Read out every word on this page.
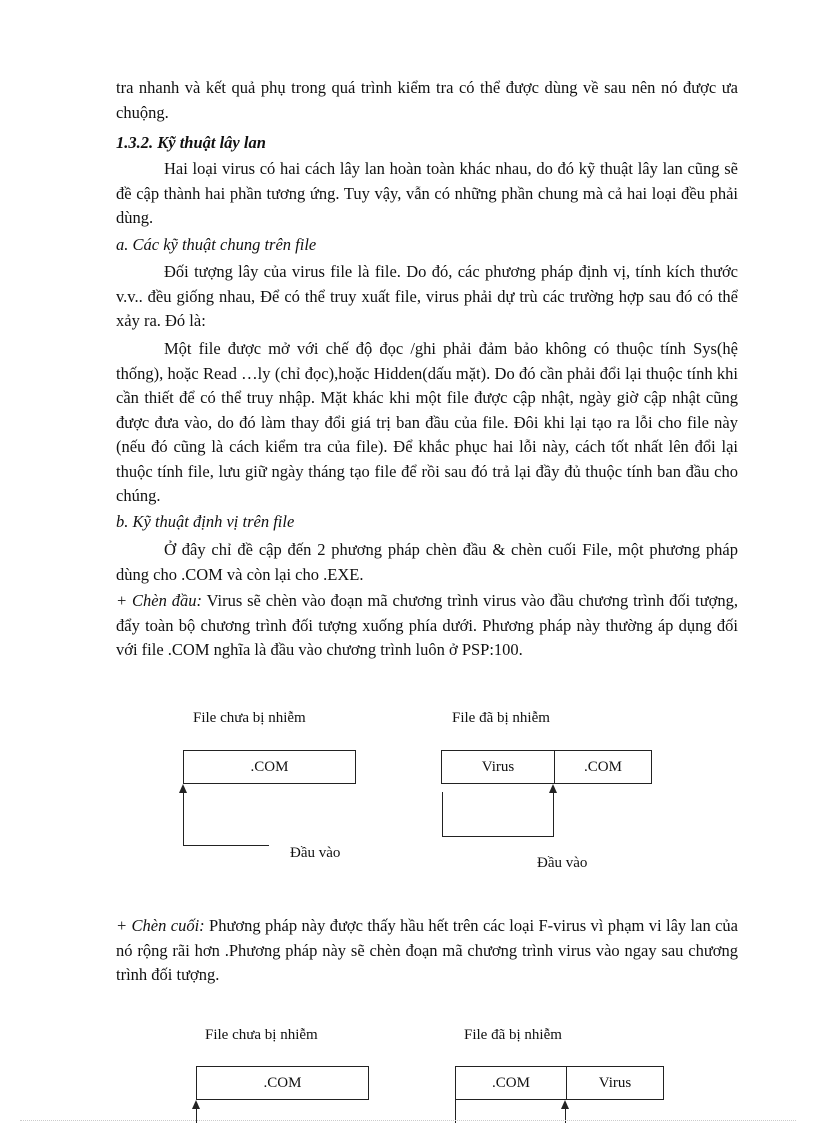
tra nhanh và kết quả phụ trong quá trình kiểm tra có thể được dùng về sau nên nó được ưa chuộng.

1.3.2. Kỹ thuật lây lan

Hai loại virus có hai cách lây lan hoàn toàn khác nhau, do đó kỹ thuật lây lan cũng sẽ đề cập thành hai phần tương ứng. Tuy vậy, vẫn có những phần chung mà cả hai loại đều phải dùng.

a. Các kỹ thuật chung trên file

Đối tượng lây của virus file là file. Do đó, các phương pháp định vị, tính kích thước v.v.. đều giống nhau, Để có thể truy xuất file, virus phải dự trù các trường hợp sau đó có thể xảy ra. Đó là:

Một file được mở với chế độ đọc /ghi phải đảm bảo không có thuộc tính Sys(hệ thống), hoặc Read …ly (chỉ đọc),hoặc Hidden(dấu mặt). Do đó cần phải đổi lại thuộc tính khi cần thiết để có thể truy nhập. Mặt khác khi một file được cập nhật, ngày giờ cập nhật cũng được đưa vào, do đó làm thay đổi giá trị ban đầu của file. Đôi khi lại tạo ra lỗi cho file này (nếu đó cũng là cách kiểm tra của file). Để khắc phục hai lỗi này, cách tốt nhất lên đổi lại thuộc tính file, lưu giữ ngày tháng tạo file để rồi sau đó trả lại đầy đủ thuộc tính ban đầu cho chúng.

b. Kỹ thuật định vị trên file

Ở đây chỉ đề cập đến 2 phương pháp chèn đầu & chèn cuối File, một phương pháp dùng cho .COM và còn lại cho .EXE.

+ Chèn đầu: Virus sẽ chèn vào đoạn mã chương trình virus vào đầu chương trình đối tượng, đẩy toàn bộ chương trình đối tượng xuống phía dưới. Phương pháp này thường áp dụng đối với file .COM nghĩa là đầu vào chương trình luôn ở PSP:100.

File chưa bị nhiễm
.COM
Đầu vào
File đã bị nhiễm
Virus	.COM
Đầu vào

+ Chèn cuối: Phương pháp này được thấy hầu hết trên các loại F-virus vì phạm vi lây lan của nó rộng rãi hơn .Phương pháp này sẽ chèn đoạn mã chương trình virus vào ngay sau chương trình đối tượng.

File chưa bị nhiễm
.COM
File đã bị nhiễm
.COM	Virus
